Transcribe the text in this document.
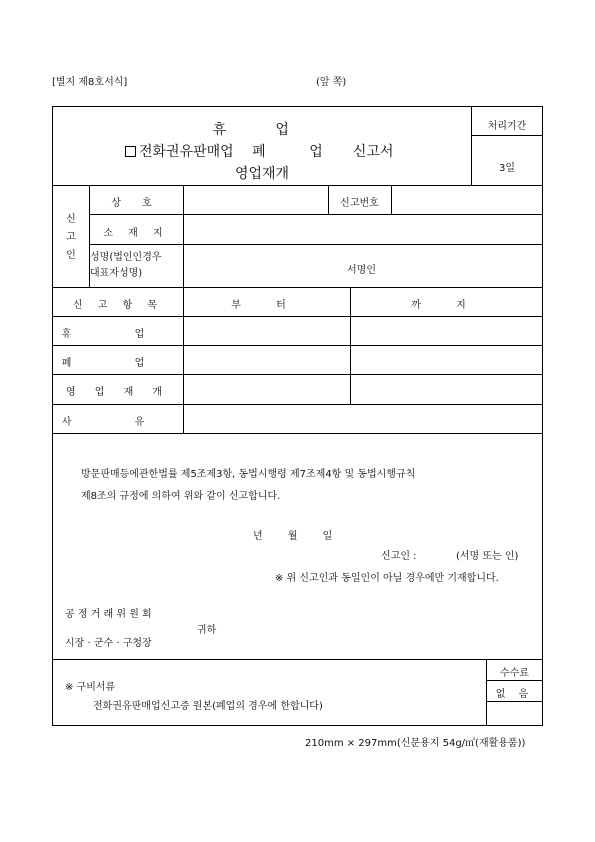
[별지 제8호서식]	(앞 쪽)
휴 업
전화권유판매업 폐 업 신고서
영업재개
처리기간
3일
신
고
인
상 호	신고번호
소 재 지
성명(법인인경우
대표자성명)	서명인
신 고 항 목	부 터	까 지
휴 업
폐 업
영 업 재 개
사 유
방문판매등에관한법률 제5조제3항, 동법시행령 제7조제4항 및 동법시행규칙
제8조의 규정에 의하여 위와 같이 신고합니다.
년 월 일
신고인 :	(서명 또는 인)
※ 위 신고인과 동일인이 아닐 경우에만 기재합니다.
공 정 거 래 위 원 회
귀하
시장 · 군수 · 구청장
수수료
없 음
※ 구비서류
전화권유판매업신고증 원본(폐업의 경우에 한합니다)
210mm × 297mm(신문용지 54g/㎡(재활용품))
